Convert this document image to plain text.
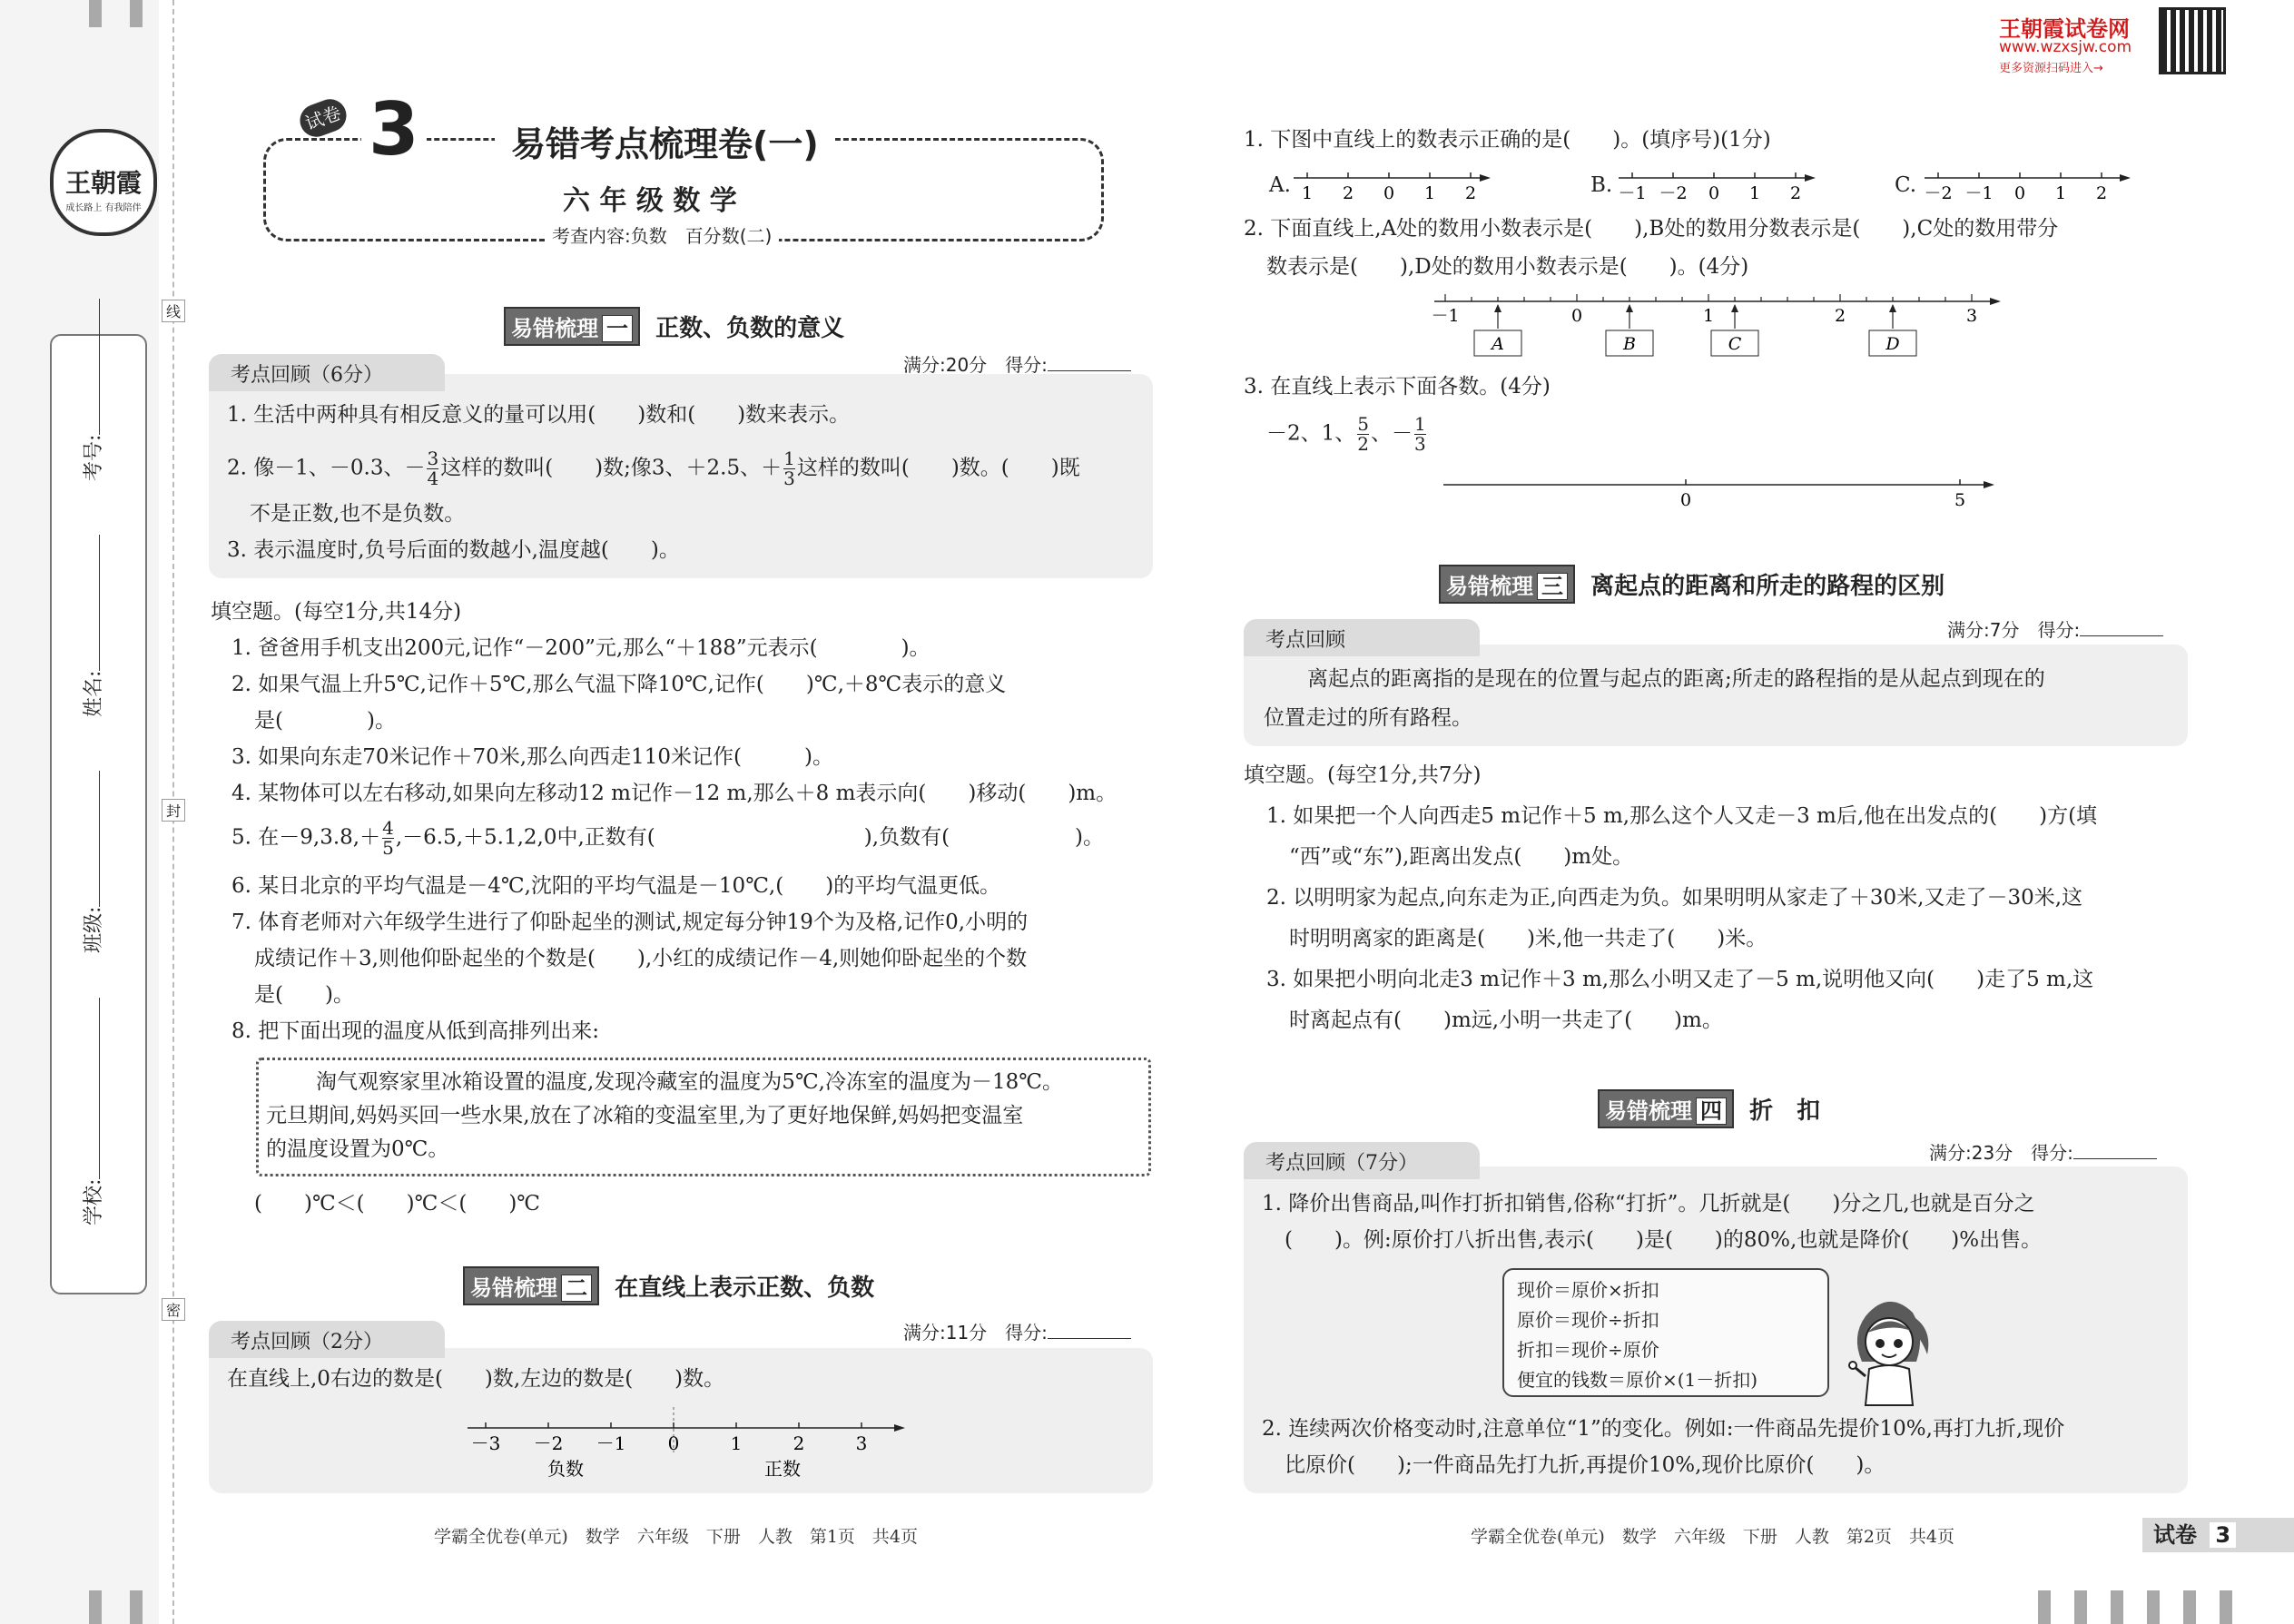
王朝霞
成长路上 有我陪伴
线
封
密
考号:
姓名:
班级:
学校:
试卷 3	易错考点梳理卷(一)
六 年 级 数 学
考查内容:负数　百分数(二)
王朝霞试卷网
www.wzxsjw.com
更多资源扫码进入→
易错梳理 一 正数、负数的意义
考点回顾（6分）	满分:20分　得分:
1. 生活中两种具有相反意义的量可以用(　　)数和(　　)数来表示。
2. 像－1、－0.3、－ $\frac{3}{4}$ 这样的数叫(　　)数;像3、＋2.5、＋ $\frac{1}{3}$ 这样的数叫(　　)数。(　　)既
不是正数,也不是负数。
3. 表示温度时,负号后面的数越小,温度越(　　)。
填空题。(每空1分,共14分)
1. 爸爸用手机支出200元,记作“－200”元,那么“＋188”元表示(　　　　)。
2. 如果气温上升5℃,记作＋5℃,那么气温下降10℃,记作(　　)℃,＋8℃表示的意义
是(　　　　)。
3. 如果向东走70米记作＋70米,那么向西走110米记作(　　　)。
4. 某物体可以左右移动,如果向左移动12 m记作－12 m,那么＋8 m表示向(　　)移动(　　)m。
5. 在$-9,3.8,+ \frac{4}{5} ,-6.5,+5.1,2,0$中,正数有(　　　　　　　　　　),负数有(　　　　　　)。
6. 某日北京的平均气温是－4℃,沈阳的平均气温是－10℃,(　　)的平均气温更低。
7. 体育老师对六年级学生进行了仰卧起坐的测试,规定每分钟19个为及格,记作0,小明的
成绩记作＋3,则他仰卧起坐的个数是(　　),小红的成绩记作－4,则她仰卧起坐的个数
是(　　)。
8. 把下面出现的温度从低到高排列出来:
淘气观察家里冰箱设置的温度,发现冷藏室的温度为5℃,冷冻室的温度为－18℃。
元旦期间,妈妈买回一些水果,放在了冰箱的变温室里,为了更好地保鲜,妈妈把变温室
的温度设置为0℃。
(　　)℃＜(　　)℃＜(　　)℃
易错梳理 二 在直线上表示正数、负数
考点回顾（2分）	满分:11分　得分:
在直线上,0右边的数是(　　)数,左边的数是(　　)数。
－3 －2 －1 0	1	2	3
负数	正数
学霸全优卷(单元)　数学　六年级　下册　人教　第1页　共4页
1. 下图中直线上的数表示正确的是(　　)。(填序号)(1分)
A. 1 2 0 1 2	B. －1 －2 0 1 2	C. －2 －1 0 1 2
2. 下面直线上,A处的数用小数表示是(　　),B处的数用分数表示是(　　),C处的数用带分
数表示是(　　),D处的数用小数表示是(　　)。(4分)
－1	0	1	2	3
A	B	C	D
3. 在直线上表示下面各数。(4分)
－2、1、 $\frac{5}{2}$ 、－ $\frac{1}{3}$
0	5
易错梳理 三 离起点的距离和所走的路程的区别
考点回顾	满分:7分　得分:
离起点的距离指的是现在的位置与起点的距离;所走的路程指的是从起点到现在的
位置走过的所有路程。
填空题。(每空1分,共7分)
1. 如果把一个人向西走5 m记作＋5 m,那么这个人又走－3 m后,他在出发点的(　　)方(填
“西”或“东”),距离出发点(　　)m处。
2. 以明明家为起点,向东走为正,向西走为负。如果明明从家走了＋30米,又走了－30米,这
时明明离家的距离是(　　)米,他一共走了(　　)米。
3. 如果把小明向北走3 m记作＋3 m,那么小明又走了－5 m,说明他又向(　　)走了5 m,这
时离起点有(　　)m远,小明一共走了(　　)m。
易错梳理 四 折　扣
考点回顾（7分）	满分:23分　得分:
1. 降价出售商品,叫作打折扣销售,俗称“打折”。几折就是(　　)分之几,也就是百分之
(　　)。例:原价打八折出售,表示(　　)是(　　)的80%,也就是降价(　　)%出售。
现价＝原价×折扣
原价＝现价÷折扣
折扣＝现价÷原价
便宜的钱数＝原价×(1－折扣)
2. 连续两次价格变动时,注意单位“1”的变化。例如:一件商品先提价10%,再打九折,现价
比原价(　　);一件商品先打九折,再提价10%,现价比原价(　　)。
学霸全优卷(单元)　数学　六年级　下册　人教　第2页　共4页	试卷 3
